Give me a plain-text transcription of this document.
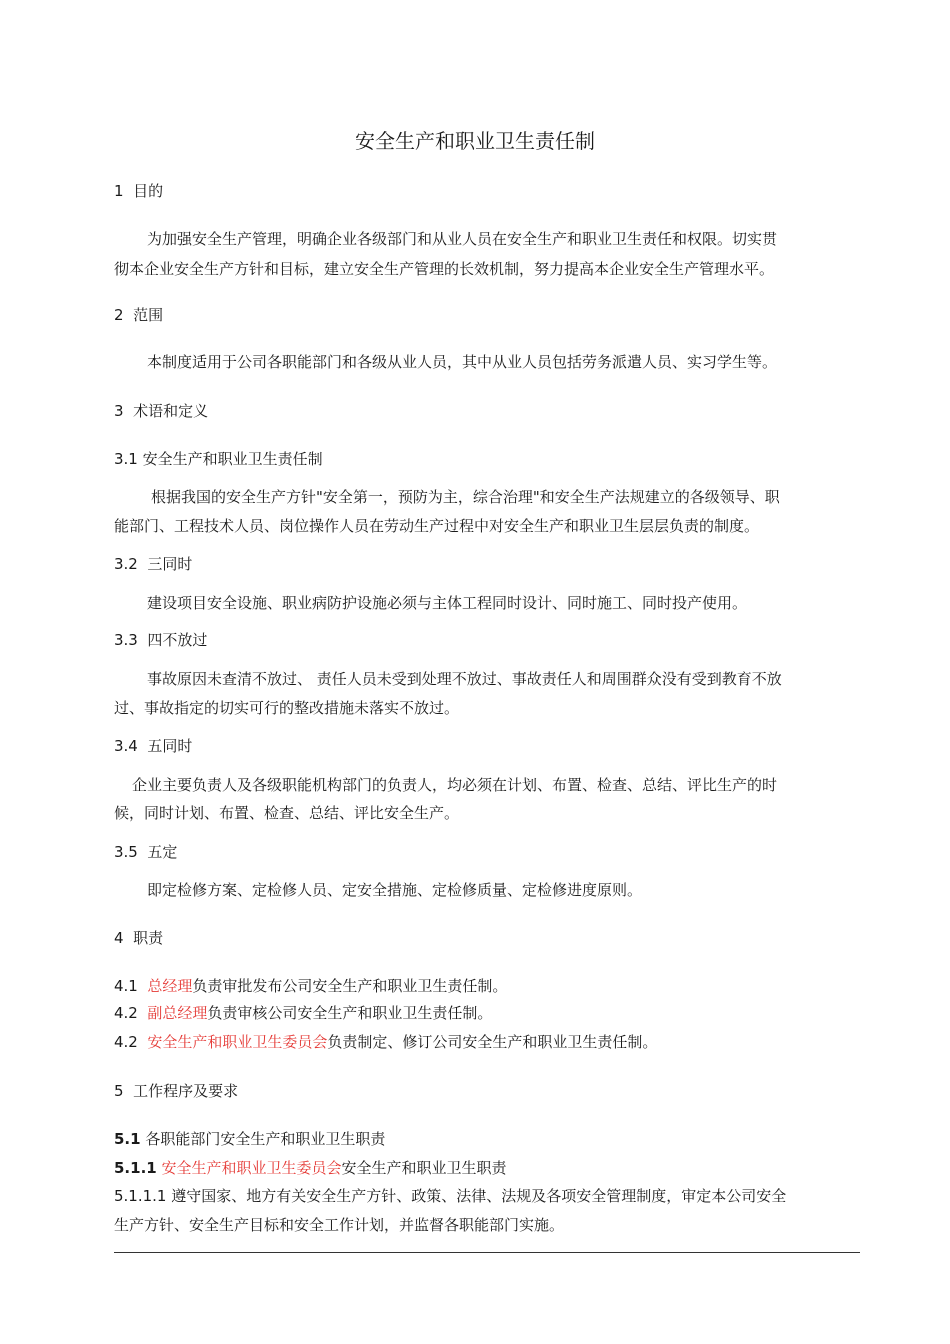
安全生产和职业卫生责任制
1 目的
为加强安全生产管理，明确企业各级部门和从业人员在安全生产和职业卫生责任和权限。切实贯
彻本企业安全生产方针和目标，建立安全生产管理的长效机制，努力提高本企业安全生产管理水平。
2 范围
本制度适用于公司各职能部门和各级从业人员，其中从业人员包括劳务派遣人员、实习学生等。
3 术语和定义
3.1 安全生产和职业卫生责任制
根据我国的安全生产方针"安全第一，预防为主，综合治理"和安全生产法规建立的各级领导、职
能部门、工程技术人员、岗位操作人员在劳动生产过程中对安全生产和职业卫生层层负责的制度。
3.2 三同时
建设项目安全设施、职业病防护设施必须与主体工程同时设计、同时施工、同时投产使用。
3.3 四不放过
事故原因未查清不放过、 责任人员未受到处理不放过、事故责任人和周围群众没有受到教育不放
过、事故指定的切实可行的整改措施未落实不放过。
3.4 五同时
企业主要负责人及各级职能机构部门的负责人，均必须在计划、布置、检查、总结、评比生产的时
候，同时计划、布置、检查、总结、评比安全生产。
3.5 五定
即定检修方案、定检修人员、定安全措施、定检修质量、定检修进度原则。
4 职责
4.1 总经理负责审批发布公司安全生产和职业卫生责任制。
4.2 副总经理负责审核公司安全生产和职业卫生责任制。
4.2 安全生产和职业卫生委员会负责制定、修订公司安全生产和职业卫生责任制。
5 工作程序及要求
5.1 各职能部门安全生产和职业卫生职责
5.1.1 安全生产和职业卫生委员会安全生产和职业卫生职责
5.1.1.1 遵守国家、地方有关安全生产方针、政策、法律、法规及各项安全管理制度，审定本公司安全
生产方针、安全生产目标和安全工作计划，并监督各职能部门实施。
